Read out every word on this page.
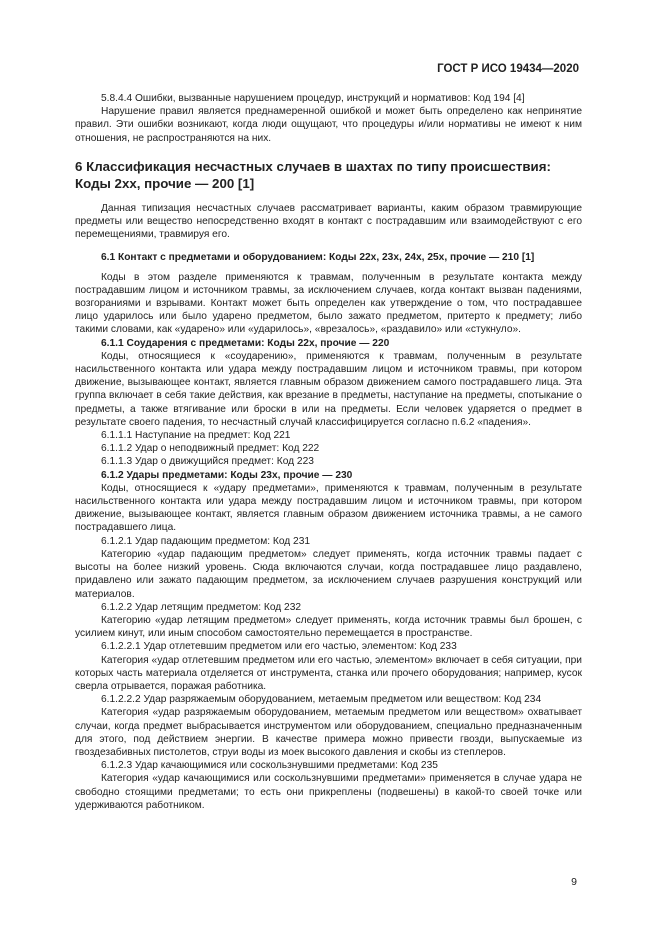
ГОСТ Р ИСО 19434—2020

5.8.4.4 Ошибки, вызванные нарушением процедур, инструкций и нормативов: Код 194 [4]

Нарушение правил является преднамеренной ошибкой и может быть определено как непринятие правил. Эти ошибки возникают, когда люди ощущают, что процедуры и/или нормативы не имеют к ним отношения, не распространяются на них.

6 Классификация несчастных случаев в шахтах по типу происшествия: Коды 2хх, прочие — 200 [1]

Данная типизация несчастных случаев рассматривает варианты, каким образом травмирующие предметы или вещество непосредственно входят в контакт с пострадавшим или взаимодействуют с его перемещениями, травмируя его.

6.1 Контакт с предметами и оборудованием: Коды 22х, 23х, 24х, 25х, прочие — 210 [1]

Коды в этом разделе применяются к травмам, полученным в результате контакта между пострадавшим лицом и источником травмы, за исключением случаев, когда контакт вызван падениями, возгораниями и взрывами. Контакт может быть определен как утверждение о том, что пострадавшее лицо ударилось или было ударено предметом, было зажато предметом, притерто к предмету; либо такими словами, как «ударено» или «ударилось», «врезалось», «раздавило» или «стукнуло».

6.1.1 Соударения с предметами: Коды 22х, прочие — 220

Коды, относящиеся к «соударению», применяются к травмам, полученным в результате насильственного контакта или удара между пострадавшим лицом и источником травмы, при котором движение, вызывающее контакт, является главным образом движением самого пострадавшего лица. Эта группа включает в себя такие действия, как врезание в предметы, наступание на предметы, спотыкание о предметы, а также втягивание или броски в или на предметы. Если человек ударяется о предмет в результате своего падения, то несчастный случай классифицируется согласно п.6.2 «падения».

6.1.1.1 Наступание на предмет: Код 221

6.1.1.2 Удар о неподвижный предмет: Код 222

6.1.1.3 Удар о движущийся предмет: Код 223

6.1.2 Удары предметами: Коды 23х, прочие — 230

Коды, относящиеся к «удару предметами», применяются к травмам, полученным в результате насильственного контакта или удара между пострадавшим лицом и источником травмы, при котором движение, вызывающее контакт, является главным образом движением источника травмы, а не самого пострадавшего лица.

6.1.2.1 Удар падающим предметом: Код 231

Категорию «удар падающим предметом» следует применять, когда источник травмы падает с высоты на более низкий уровень. Сюда включаются случаи, когда пострадавшее лицо раздавлено, придавлено или зажато падающим предметом, за исключением случаев разрушения конструкций или материалов.

6.1.2.2 Удар летящим предметом: Код 232

Категорию «удар летящим предметом» следует применять, когда источник травмы был брошен, с усилием кинут, или иным способом самостоятельно перемещается в пространстве.

6.1.2.2.1 Удар отлетевшим предметом или его частью, элементом: Код 233

Категория «удар отлетевшим предметом или его частью, элементом» включает в себя ситуации, при которых часть материала отделяется от инструмента, станка или прочего оборудования; например, кусок сверла отрывается, поражая работника.

6.1.2.2.2 Удар разряжаемым оборудованием, метаемым предметом или веществом: Код 234

Категория «удар разряжаемым оборудованием, метаемым предметом или веществом» охватывает случаи, когда предмет выбрасывается инструментом или оборудованием, специально предназначенным для этого, под действием энергии. В качестве примера можно привести гвозди, выпускаемые из гвоздезабивных пистолетов, струи воды из моек высокого давления и скобы из степлеров.

6.1.2.3 Удар качающимися или соскользнувшими предметами: Код 235

Категория «удар качающимися или соскользнувшими предметами» применяется в случае удара не свободно стоящими предметами; то есть они прикреплены (подвешены) в какой-то своей точке или удерживаются работником.

9
